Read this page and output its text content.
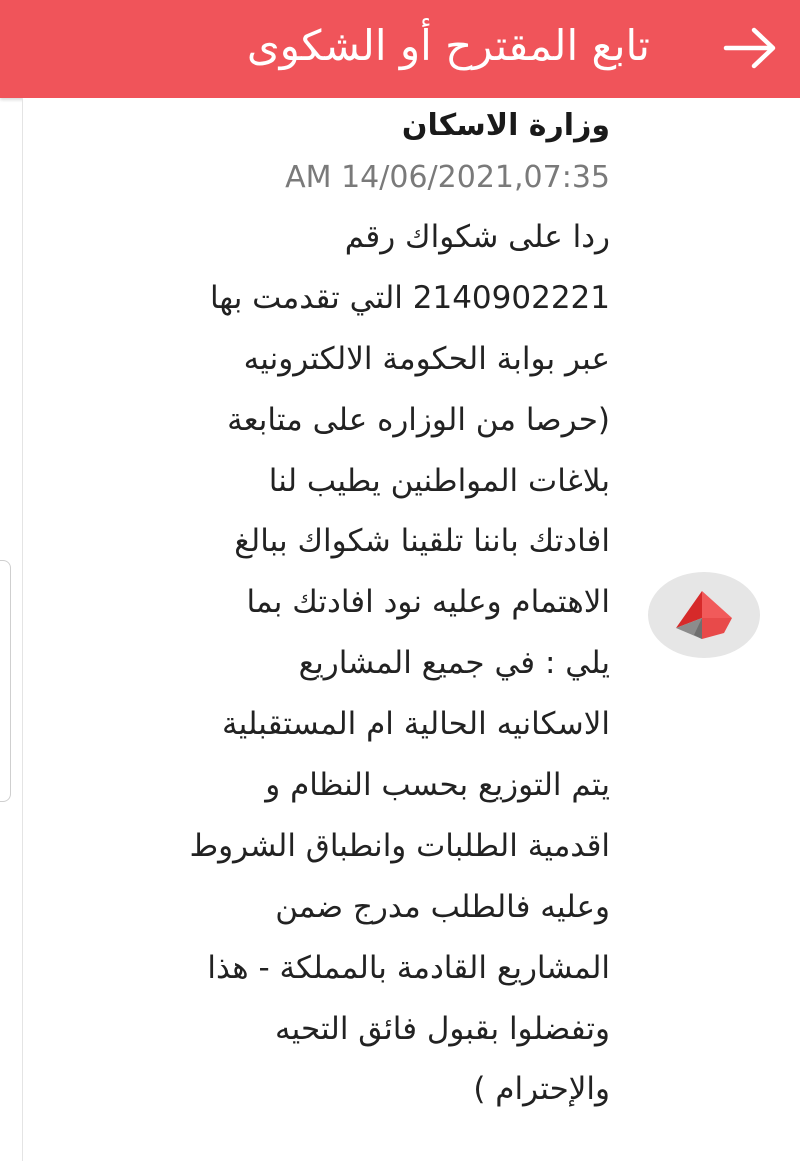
تابع المقترح أو الشكوى
وزارة الاسكان
AM 14/06/2021,07:35
ردا على شكواك رقم
2140902221 التي تقدمت بها
عبر بوابة الحكومة الالكترونيه
(حرصا من الوزاره على متابعة
بلاغات المواطنين يطيب لنا
افادتك باننا تلقينا شكواك ببالغ
الاهتمام وعليه نود افادتك بما
يلي : في جميع المشاريع
الاسكانيه الحالية ام المستقبلية
يتم التوزيع بحسب النظام و
اقدمية الطلبات وانطباق الشروط
وعليه فالطلب مدرج ضمن
المشاريع القادمة بالمملكة - هذا
وتفضلوا بقبول فائق التحيه
والإحترام )
